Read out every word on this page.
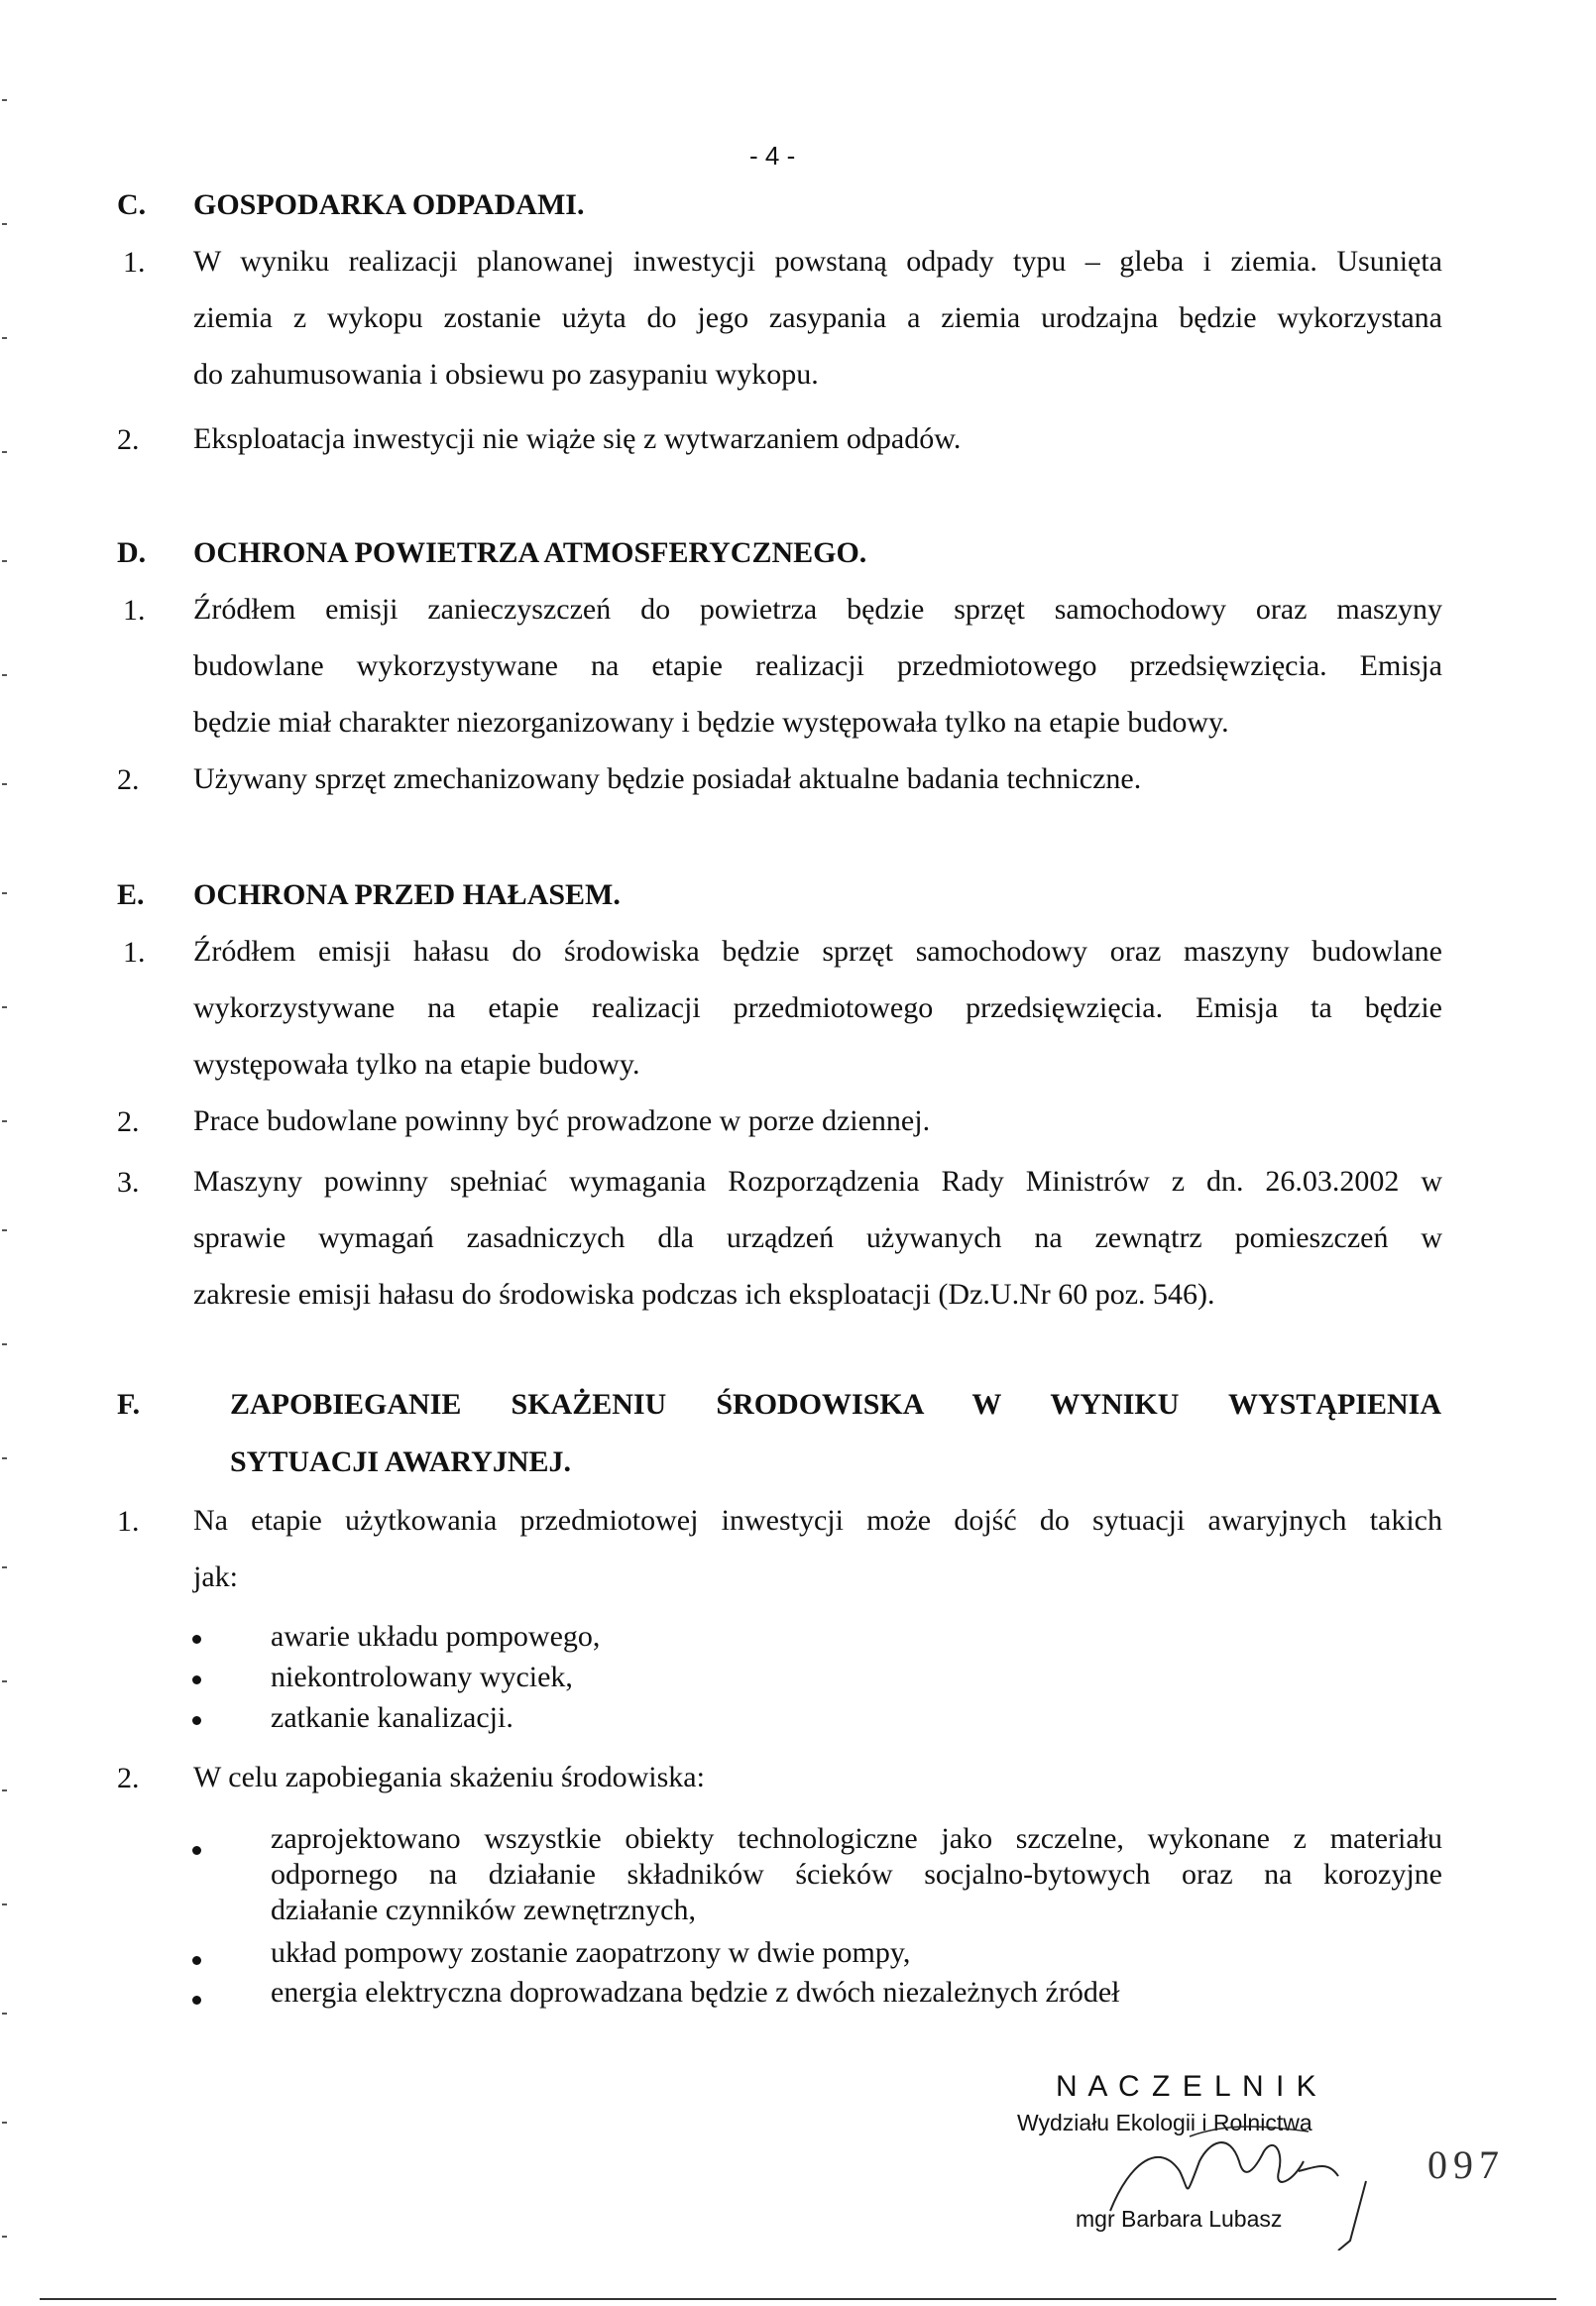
- 4 -
C. GOSPODARKA ODPADAMI.
1. W wyniku realizacji planowanej inwestycji powstaną odpady typu – gleba i ziemia. Usunięta
ziemia z wykopu zostanie użyta do jego zasypania a ziemia urodzajna będzie wykorzystana
do zahumusowania i obsiewu po zasypaniu wykopu.
2. Eksploatacja inwestycji nie wiąże się z wytwarzaniem odpadów.
D. OCHRONA POWIETRZA ATMOSFERYCZNEGO.
1. Źródłem emisji zanieczyszczeń do powietrza będzie sprzęt samochodowy oraz maszyny
budowlane wykorzystywane na etapie realizacji przedmiotowego przedsięwzięcia. Emisja
będzie miał charakter niezorganizowany i będzie występowała tylko na etapie budowy.
2. Używany sprzęt zmechanizowany będzie posiadał aktualne badania techniczne.
E. OCHRONA PRZED HAŁASEM.
1. Źródłem emisji hałasu do środowiska będzie sprzęt samochodowy oraz maszyny budowlane
wykorzystywane na etapie realizacji przedmiotowego przedsięwzięcia. Emisja ta będzie
występowała tylko na etapie budowy.
2. Prace budowlane powinny być prowadzone w porze dziennej.
3. Maszyny powinny spełniać wymagania Rozporządzenia Rady Ministrów z dn. 26.03.2002 w
sprawie wymagań zasadniczych dla urządzeń używanych na zewnątrz pomieszczeń w
zakresie emisji hałasu do środowiska podczas ich eksploatacji (Dz.U.Nr 60 poz. 546).
F.	ZAPOBIEGANIE SKAŻENIU ŚRODOWISKA W WYNIKU WYSTĄPIENIA
SYTUACJI AWARYJNEJ.
1. Na etapie użytkowania przedmiotowej inwestycji może dojść do sytuacji awaryjnych takich
jak:
awarie układu pompowego,
niekontrolowany wyciek,
zatkanie kanalizacji.
2. W celu zapobiegania skażeniu środowiska:
zaprojektowano wszystkie obiekty technologiczne jako szczelne, wykonane z materiału
odpornego na działanie składników ścieków socjalno-bytowych oraz na korozyjne
działanie czynników zewnętrznych,
układ pompowy zostanie zaopatrzony w dwie pompy,
energia elektryczna doprowadzana będzie z dwóch niezależnych źródeł
N A C Z E L N I K
Wydziału Ekologii i Rolnictwa
mgr Barbara Lubasz
097
